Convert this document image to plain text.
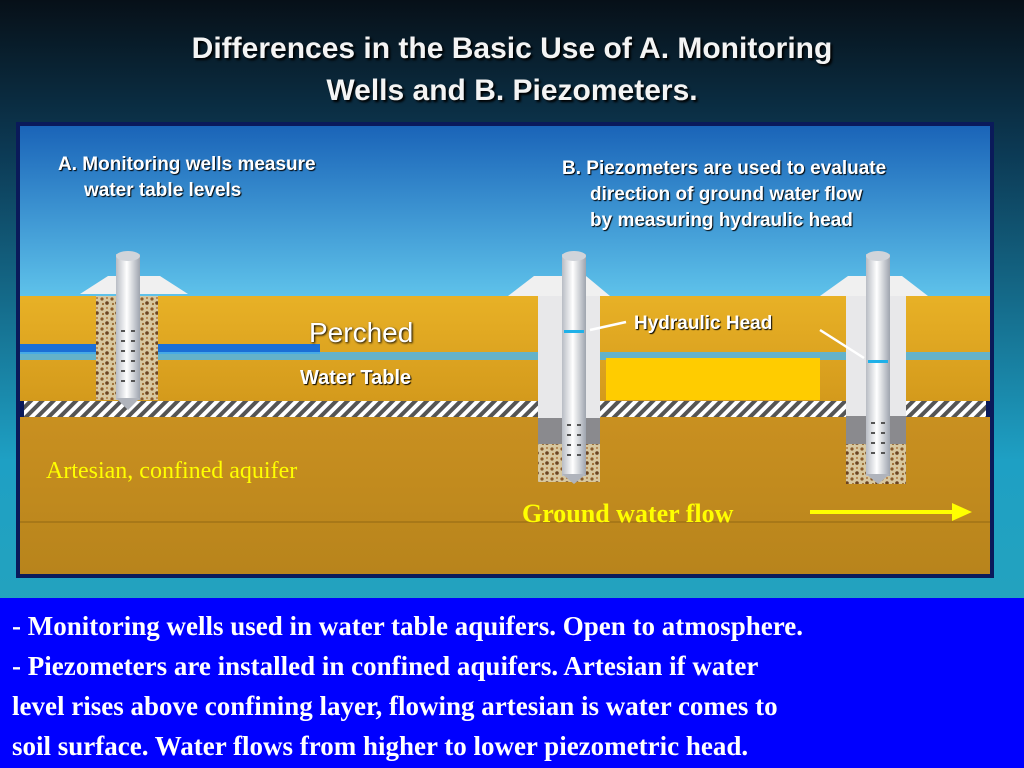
Differences in the Basic Use of A. Monitoring
Wells and B. Piezometers.
A. Monitoring wells measure
water table levels
B. Piezometers are used to evaluate
direction of ground water flow
by measuring hydraulic head
Perched
Water Table
Hydraulic Head
Artesian, confined aquifer
Ground water flow

- Monitoring wells used in water table aquifers. Open to atmosphere.

- Piezometers are installed in confined aquifers. Artesian if water

level rises above confining layer, flowing artesian is water comes to

soil surface. Water flows from higher to lower piezometric head.
